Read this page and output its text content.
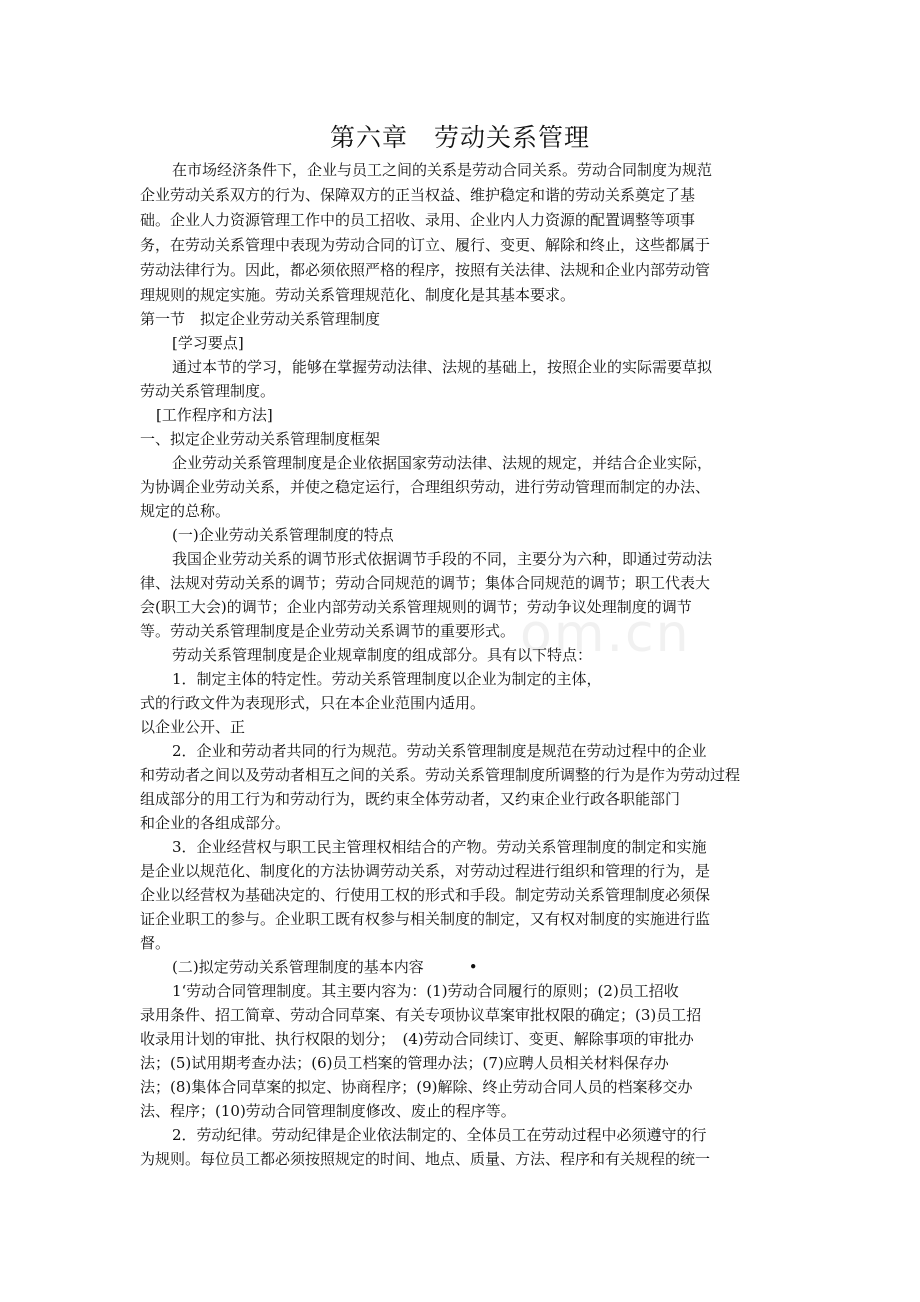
om.cn
第六章　劳动关系管理
在市场经济条件下，企业与员工之间的关系是劳动合同关系。劳动合同制度为规范
企业劳动关系双方的行为、保障双方的正当权益、维护稳定和谐的劳动关系奠定了基
础。企业人力资源管理工作中的员工招收、录用、企业内人力资源的配置调整等项事
务，在劳动关系管理中表现为劳动合同的订立、履行、变更、解除和终止，这些都属于
劳动法律行为。因此，都必须依照严格的程序，按照有关法律、法规和企业内部劳动管
理规则的规定实施。劳动关系管理规范化、制度化是其基本要求。
第一节　拟定企业劳动关系管理制度
[学习要点]
通过本节的学习，能够在掌握劳动法律、法规的基础上，按照企业的实际需要草拟
劳动关系管理制度。
[工作程序和方法]
一、拟定企业劳动关系管理制度框架
企业劳动关系管理制度是企业依据国家劳动法律、法规的规定，并结合企业实际，
为协调企业劳动关系，并使之稳定运行，合理组织劳动，进行劳动管理而制定的办法、
规定的总称。
(一)企业劳动关系管理制度的特点
我国企业劳动关系的调节形式依据调节手段的不同，主要分为六种，即通过劳动法
律、法规对劳动关系的调节；劳动合同规范的调节；集体合同规范的调节；职工代表大
会(职工大会)的调节；企业内部劳动关系管理规则的调节；劳动争议处理制度的调节
等。劳动关系管理制度是企业劳动关系调节的重要形式。
劳动关系管理制度是企业规章制度的组成部分。具有以下特点：
1．制定主体的特定性。劳动关系管理制度以企业为制定的主体，
式的行政文件为表现形式，只在本企业范围内适用。
以企业公开、正
2．企业和劳动者共同的行为规范。劳动关系管理制度是规范在劳动过程中的企业
和劳动者之间以及劳动者相互之间的关系。劳动关系管理制度所调整的行为是作为劳动过程
组成部分的用工行为和劳动行为，既约束全体劳动者，又约束企业行政各职能部门
和企业的各组成部分。
3．企业经营权与职工民主管理权相结合的产物。劳动关系管理制度的制定和实施
是企业以规范化、制度化的方法协调劳动关系，对劳动过程进行组织和管理的行为，是
企业以经营权为基础决定的、行使用工权的形式和手段。制定劳动关系管理制度必须保
证企业职工的参与。企业职工既有权参与相关制度的制定，又有权对制度的实施进行监
督。
(二)拟定劳动关系管理制度的基本内容　　　•
1‘劳动合同管理制度。其主要内容为：(1)劳动合同履行的原则；(2)员工招收
录用条件、招工简章、劳动合同草案、有关专项协议草案审批权限的确定；(3)员工招
收录用计划的审批、执行权限的划分；　(4)劳动合同续订、变更、解除事项的审批办
法；(5)试用期考查办法；(6)员工档案的管理办法；(7)应聘人员相关材料保存办
法；(8)集体合同草案的拟定、协商程序；(9)解除、终止劳动合同人员的档案移交办
法、程序；(10)劳动合同管理制度修改、废止的程序等。
2．劳动纪律。劳动纪律是企业依法制定的、全体员工在劳动过程中必须遵守的行
为规则。每位员工都必须按照规定的时间、地点、质量、方法、程序和有关规程的统一
